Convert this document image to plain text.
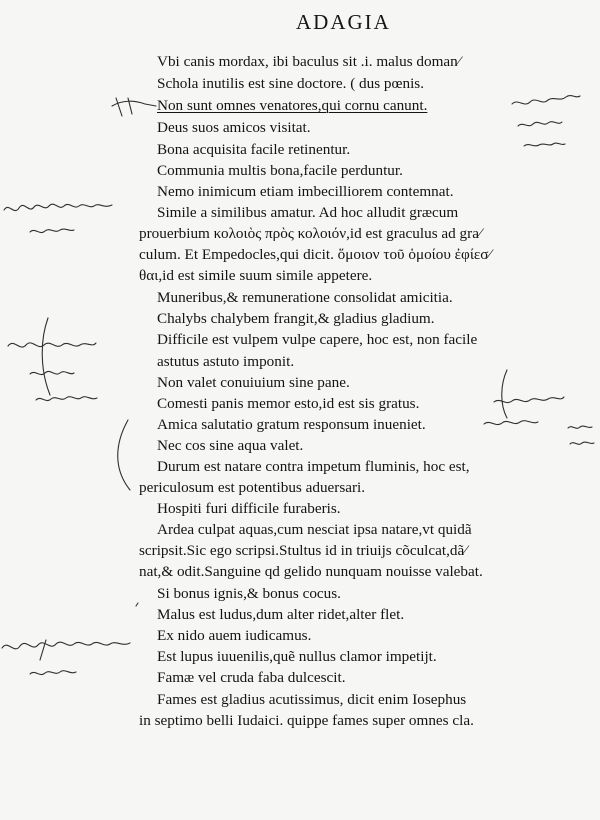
ADAGIA
Vbi canis mordax, ibi baculus sit .i. malus doman⁄
Schola inutilis est sine doctore. ( dus pœnis.
Non sunt omnes venatores,qui cornu canunt.
Deus suos amicos visitat.
Bona acquisita facile retinentur.
Communia multis bona,facile perduntur.
Nemo inimicum etiam imbecilliorem contemnat.
Simile a similibus amatur. Ad hoc alludit græcum
prouerbium κολοιὸς πρὸς κολοιόν,id est graculus ad gra⁄
culum. Et Empedocles,qui dicit. ὅμοιον τοῦ ὁμοίου ἐφίεσ⁄
θαι,id est simile suum simile appetere.
Muneribus,& remuneratione consolidat amicitia.
Chalybs chalybem frangit,& gladius gladium.
Difficile est vulpem vulpe capere, hoc est, non facile
astutus astuto imponit.
Non valet conuiuium sine pane.
Comesti panis memor esto,id est sis gratus.
Amica salutatio gratum responsum inueniet.
Nec cos sine aqua valet.
Durum est natare contra impetum fluminis, hoc est,
periculosum est potentibus aduersari.
Hospiti furi difficile furaberis.
Ardea culpat aquas,cum nesciat ipsa natare,vt quidã
scripsit.Sic ego scripsi.Stultus id in triuijs cõculcat,dã⁄
nat,& odit.Sanguine qd gelido nunquam nouisse valebat.
Si bonus ignis,& bonus cocus.
Malus est ludus,dum alter ridet,alter flet.
Ex nido auem iudicamus.
Est lupus iuuenilis,quẽ nullus clamor impetijt.
Famæ vel cruda faba dulcescit.
Fames est gladius acutissimus, dicit enim Iosephus
in septimo belli Iudaici. quippe fames super omnes cla.
